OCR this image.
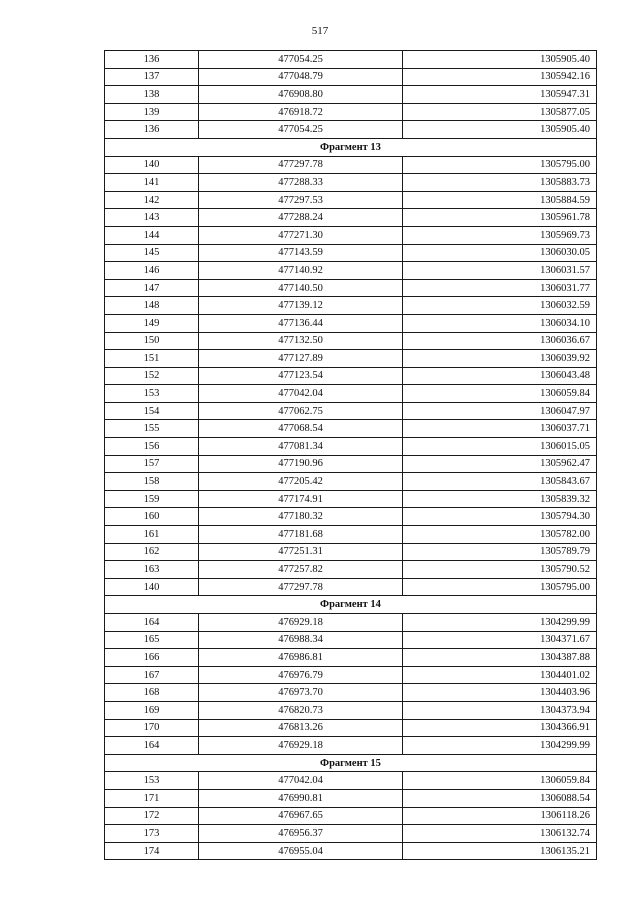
517
136	477054.25	1305905.40
137	477048.79	1305942.16
138	476908.80	1305947.31
139	476918.72	1305877.05
136	477054.25	1305905.40
Фрагмент 13		
140	477297.78	1305795.00
141	477288.33	1305883.73
142	477297.53	1305884.59
143	477288.24	1305961.78
144	477271.30	1305969.73
145	477143.59	1306030.05
146	477140.92	1306031.57
147	477140.50	1306031.77
148	477139.12	1306032.59
149	477136.44	1306034.10
150	477132.50	1306036.67
151	477127.89	1306039.92
152	477123.54	1306043.48
153	477042.04	1306059.84
154	477062.75	1306047.97
155	477068.54	1306037.71
156	477081.34	1306015.05
157	477190.96	1305962.47
158	477205.42	1305843.67
159	477174.91	1305839.32
160	477180.32	1305794.30
161	477181.68	1305782.00
162	477251.31	1305789.79
163	477257.82	1305790.52
140	477297.78	1305795.00
Фрагмент 14		
164	476929.18	1304299.99
165	476988.34	1304371.67
166	476986.81	1304387.88
167	476976.79	1304401.02
168	476973.70	1304403.96
169	476820.73	1304373.94
170	476813.26	1304366.91
164	476929.18	1304299.99
Фрагмент 15		
153	477042.04	1306059.84
171	476990.81	1306088.54
172	476967.65	1306118.26
173	476956.37	1306132.74
174	476955.04	1306135.21
